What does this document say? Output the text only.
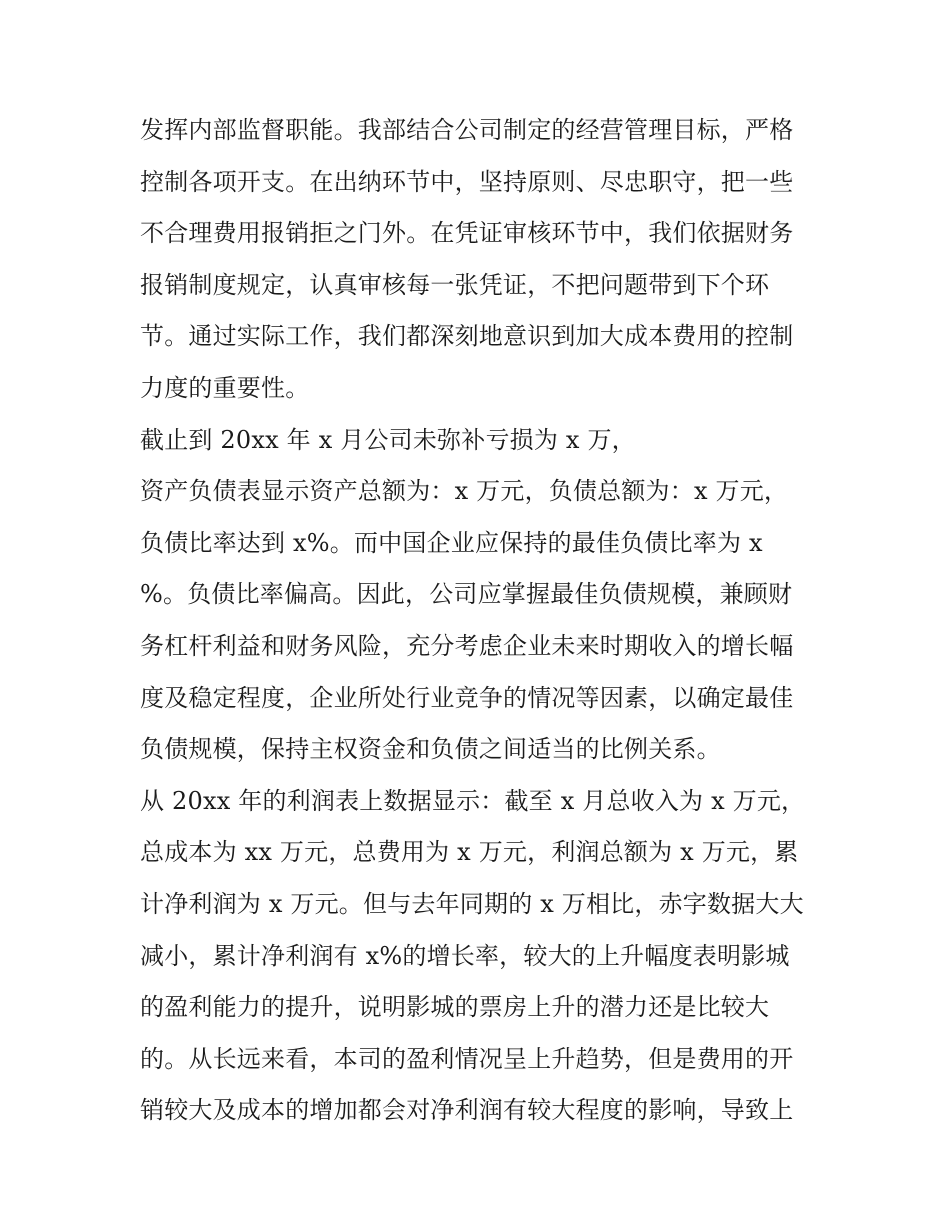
发挥内部监督职能。我部结合公司制定的经营管理目标，严格
控制各项开支。在出纳环节中，坚持原则、尽忠职守，把一些
不合理费用报销拒之门外。在凭证审核环节中，我们依据财务
报销制度规定，认真审核每一张凭证，不把问题带到下个环
节。通过实际工作，我们都深刻地意识到加大成本费用的控制
力度的重要性。
截止到 20xx 年 x 月公司未弥补亏损为 x 万，
资产负债表显示资产总额为：x 万元，负债总额为：x 万元，
负债比率达到 x%。而中国企业应保持的最佳负债比率为 x
%。负债比率偏高。因此，公司应掌握最佳负债规模，兼顾财
务杠杆利益和财务风险，充分考虑企业未来时期收入的增长幅
度及稳定程度，企业所处行业竞争的情况等因素，以确定最佳
负债规模，保持主权资金和负债之间适当的比例关系。
从 20xx 年的利润表上数据显示：截至 x 月总收入为 x 万元，
总成本为 xx 万元，总费用为 x 万元，利润总额为 x 万元，累
计净利润为 x 万元。但与去年同期的 x 万相比，赤字数据大大
减小，累计净利润有 x%的增长率，较大的上升幅度表明影城
的盈利能力的提升，说明影城的票房上升的潜力还是比较大
的。从长远来看，本司的盈利情况呈上升趋势，但是费用的开
销较大及成本的增加都会对净利润有较大程度的影响，导致上
